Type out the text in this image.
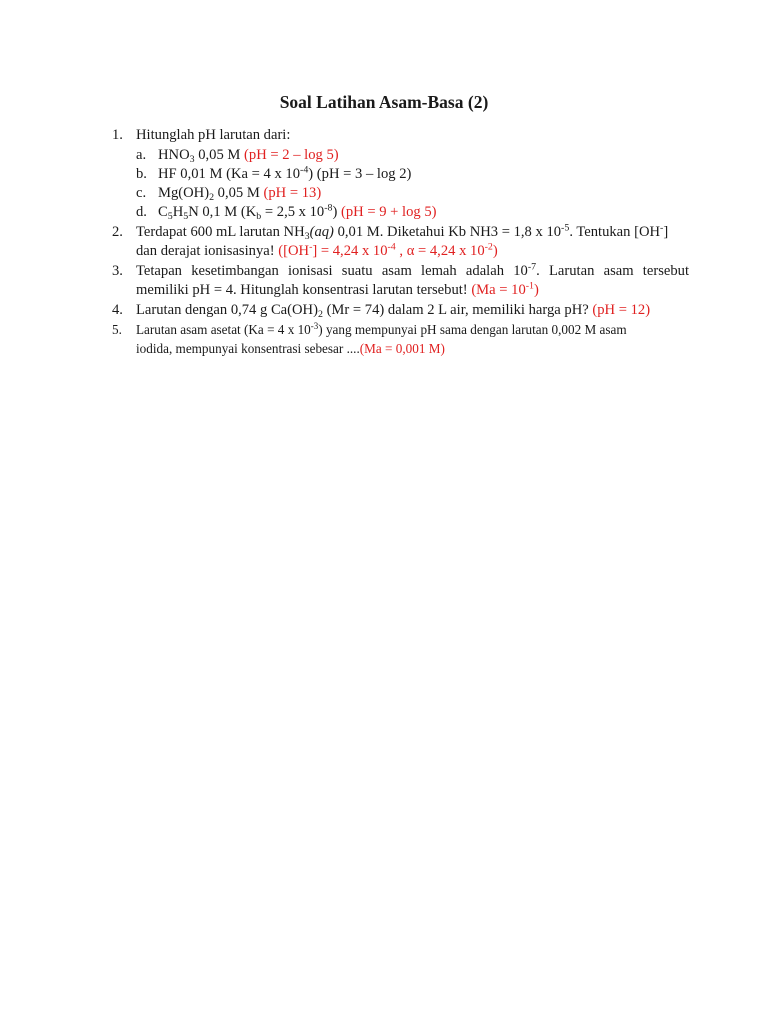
Soal Latihan Asam-Basa (2)
1. Hitunglah pH larutan dari:
a. $HNO_3$ 0,05 M (pH = 2 – log 5)
b. HF 0,01 M (Ka = 4 x $10^{-4}$) (pH = 3 – log 2)
c. $Mg(OH)_2$ 0,05 M (pH = 13)
d. $C_5H_5N$ 0,1 M ($K_b = 2,5$ x $10^{-8}$) (pH = 9 + log 5)
2. Terdapat 600 mL larutan $NH_3(aq)$ 0,01 M. Diketahui Kb NH3 = 1,8 x $10^{-5}$. Tentukan [OH-]
dan derajat ionisasinya! ([OH-] = 4,24 x $10^{-4}$ , α = 4,24 x $10^{-2}$)
3. Tetapan kesetimbangan ionisasi suatu asam lemah adalah $10^{-7}$. Larutan asam tersebut
memiliki pH = 4. Hitunglah konsentrasi larutan tersebut! $(Ma = 10^{-1})$
4. Larutan dengan 0,74 g $Ca(OH)_2$ (Mr = 74) dalam 2 L air, memiliki harga pH? (pH = 12)
5. Larutan asam asetat (Ka = 4 x $10^{-3}$) yang mempunyai pH sama dengan larutan 0,002 M asam
iodida, mempunyai konsentrasi sebesar ....(Ma = 0,001 M)
